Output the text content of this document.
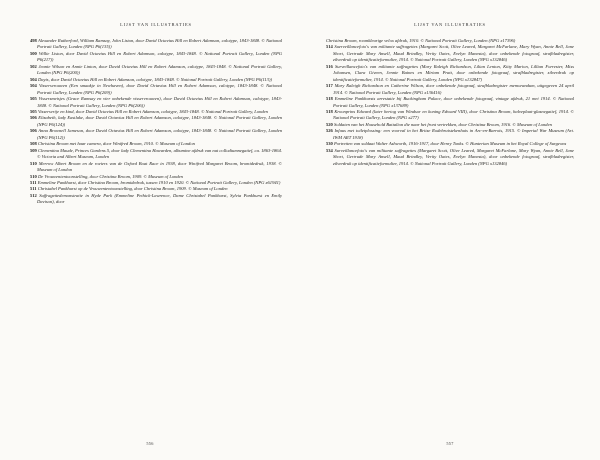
LIJST VAN ILLUSTRATIES

498 Alexander Rutherford, William Ramsay, John Liston, door David Octavius Hill en Robert Adamson, calotype, 1843-1848. © National Portrait Gallery, Londen (NPG P6(135))

500 Willie Liston, door David Octavius Hill en Robert Adamson, calotype, 1843-1848. © National Portrait Gallery, Londen (NPG P6(217))

502 Jeanie Wilson en Annie Linton, door David Octavius Hill en Robert Adamson, calotype, 1843-1848. © National Portrait Gallery, Londen (NPG P6(200))

504 Dayis, door David Octavius Hill en Robert Adamson, calotype, 1843-1848. © National Portrait Gallery, Londen (NPG P6(113))

504 Vissersvrouwen (Een smaakje in Newhaven), door David Octavius Hill en Robert Adamson, calotype, 1843-1848. © National Portrait Gallery, Londen (NPG P6(209))

505 Vissersmeisjes (Grace Ramsay en vier onbekende visservrouwen), door David Octavius Hill en Robert Adamson, calotype, 1843-1848. © National Portrait Gallery, Londen (NPG P6(206))

505 Vissersvrije en kind, door David Octavius Hill en Robert Adamson, calotype, 1843-1848. © National Portrait Gallery, Londen

506 Elizabeth, lady Eastlake, door David Octavius Hill en Robert Adamson, calotype, 1843-1848. © National Portrait Gallery, Londen (NPG P6(124))

506 Anna Brownell Jameson, door David Octavius Hill en Robert Adamson, calotype, 1843-1848. © National Portrait Gallery, Londen (NPG P6(112))

508 Christina Broom met haar camera, door Winifred Broom, 1910. © Museum of London

509 Clementina Maude, Princes Gardens 5, door lady Clementina Hawarden, albumine afdruk van nat collodiumnegatief, ca. 1863-1864. © Victoria and Albert Museum, Londen

510 Merrow Albert Broom en de roeiers van de Oxford Boat Race in 1938, door Winifred Margaret Broom, bromidedruk, 1938. © Museum of London

510 De Vrouwententoonstelling, door Christina Broom, 1909. © Museum of Londen

511 Emmeline Pankhurst, door Christina Broom, bromidedruk, tussen 1910 en 1920. © National Portrait Gallery, Londen (NPG x61941)

511 Christabel Pankhurst op de Vrouwententoonstelling, door Christina Broom, 1909. © Museum of Londen

512 Suffragettedemonstratie in Hyde Park (Emmeline Pethick-Lawrence, Dame Christabel Pankhurst, Sylvia Pankhurst en Emily Davison), door

556
LIJST VAN ILLUSTRATIES

Christina Broom, roomkleurige velox afdruk, 1910. © National Portrait Gallery, Londen (NPG x17396)

514 Suerveillancefoto's van militante suffragettes (Margaret Scott, Olive Leared, Margaret McFarlane, Mary Wyan, Annie Bell, Jane Short, Gertrude Mary Ansell, Maud Brindley, Verity Oates, Evelyn Manesta), door onbekende fotograaf, strafbladregister, zilverdruk op identificatieformulier, 1914. © National Portrait Gallery, Londen (NPG x132846)

516 Surveillancefoto's van militante suffragettes (Mary Raleigh Richardson, Lilian Lenton, Kitty Marion, Lillian Forrester, Miss Johansen, Clara Giveen, Jennie Baines en Miriam Pratt, door onbekende fotograaf, strafbladregister, zilverdruk op identificatieformulier, 1914. © National Portrait Gallery, Londen (NPG x132847)

517 Mary Raleigh Richardson en Catherine Wilson, door onbekende fotograaf, strafbladregister memorandum, uitgegeven 24 april 1914. © National Portrait Gallery, Londen (NPG x136416)

518 Emmeline Pankhursts arrestatie bij Buckingham Palace, door onbekende fotograaf, vintage afdruk, 21 mei 1914. © National Portrait Gallery, Londen (NPG x137689)

518 Kroonprins Edward (later hertog van Windsor en koning Edward VIII), door Christina Broom, halveplaat-glasnegatief, 1914. © National Portrait Gallery, Londen (NPG x277)

520 Soldaten van het Household Battalion die naar het front vertrekken, door Christina Broom, 1916. © Museum of Londen

526 Infaus met toiletplossing: een voorval in het Britse Rodebruistekenhuis in Arc-en-Barrois, 1915. © Imperial War Museum (Art. IWM ART 1918)

530 Portretten van soldaat Walter Ashworth, 1916-1917, door Henry Tonks. © Hunterian Museum in het Royal College of Surgeons

534 Surveillancefoto's van militante suffragettes (Margaret Scott, Olive Leared, Margaret McFarlane, Mary Wyan, Annie Bell, Jane Short, Gertrude Mary Ansell, Maud Brindley, Verity Oates, Evelyn Manesta), door onbekende fotograaf, strafbladregister, zilverdruk op identificatieformulier, 1914. © National Portrait Gallery, Londen (NPG x132846)

557
